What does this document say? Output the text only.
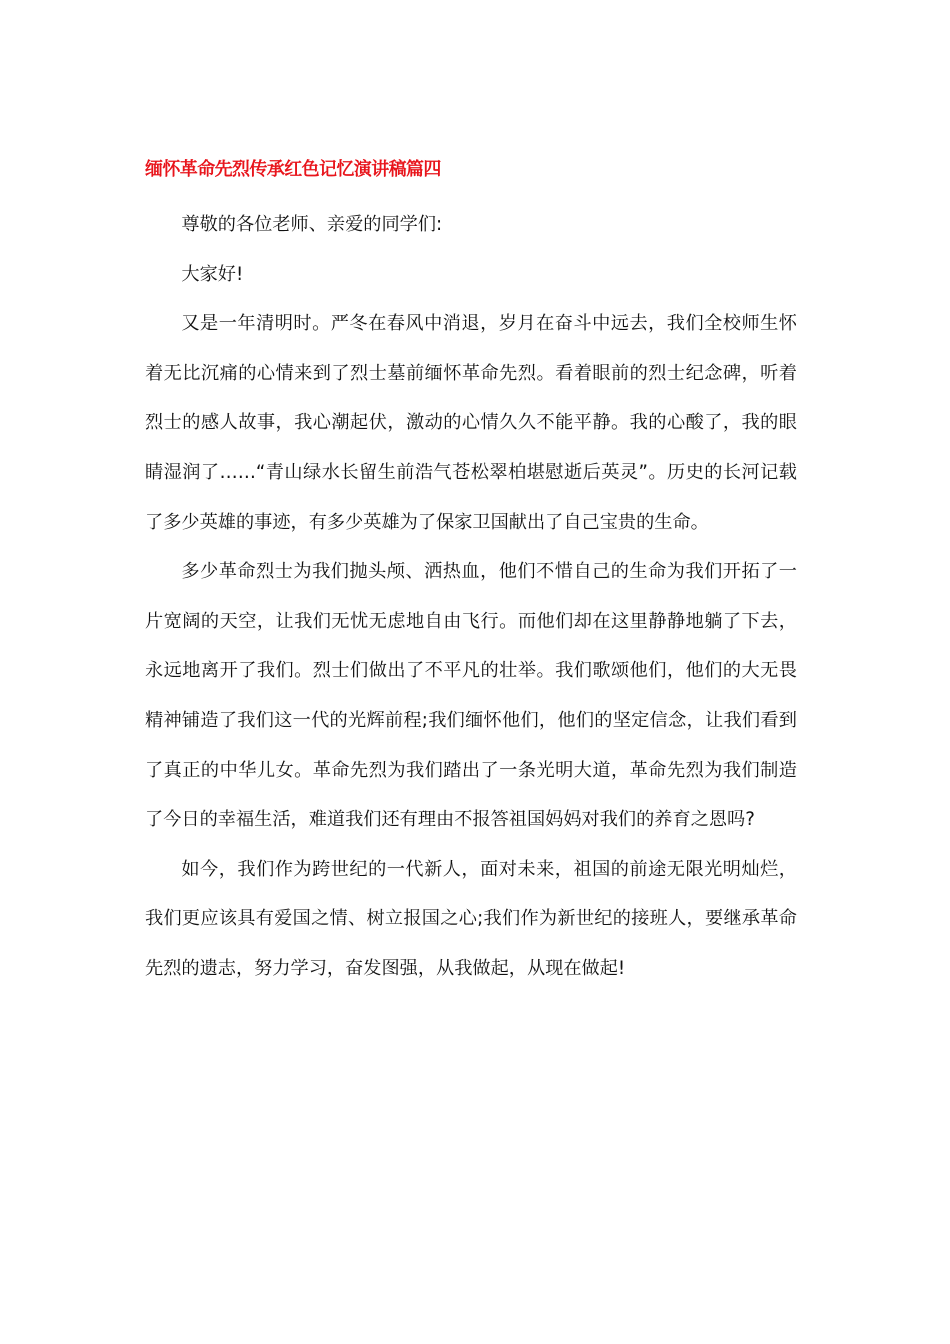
缅怀革命先烈传承红色记忆演讲稿篇四

尊敬的各位老师、亲爱的同学们:

大家好!

又是一年清明时。严冬在春风中消退，岁月在奋斗中远去，我们全校师生怀着无比沉痛的心情来到了烈士墓前缅怀革命先烈。看着眼前的烈士纪念碑，听着烈士的感人故事，我心潮起伏，激动的心情久久不能平静。我的心酸了，我的眼睛湿润了……“青山绿水长留生前浩气苍松翠柏堪慰逝后英灵”。历史的长河记载了多少英雄的事迹，有多少英雄为了保家卫国献出了自己宝贵的生命。

多少革命烈士为我们抛头颅、洒热血，他们不惜自己的生命为我们开拓了一片宽阔的天空，让我们无忧无虑地自由飞行。而他们却在这里静静地躺了下去，永远地离开了我们。烈士们做出了不平凡的壮举。我们歌颂他们，他们的大无畏精神铺造了我们这一代的光辉前程;我们缅怀他们，他们的坚定信念，让我们看到了真正的中华儿女。革命先烈为我们踏出了一条光明大道，革命先烈为我们制造了今日的幸福生活，难道我们还有理由不报答祖国妈妈对我们的养育之恩吗?

如今，我们作为跨世纪的一代新人，面对未来，祖国的前途无限光明灿烂，我们更应该具有爱国之情、树立报国之心;我们作为新世纪的接班人，要继承革命先烈的遗志，努力学习，奋发图强，从我做起，从现在做起!
